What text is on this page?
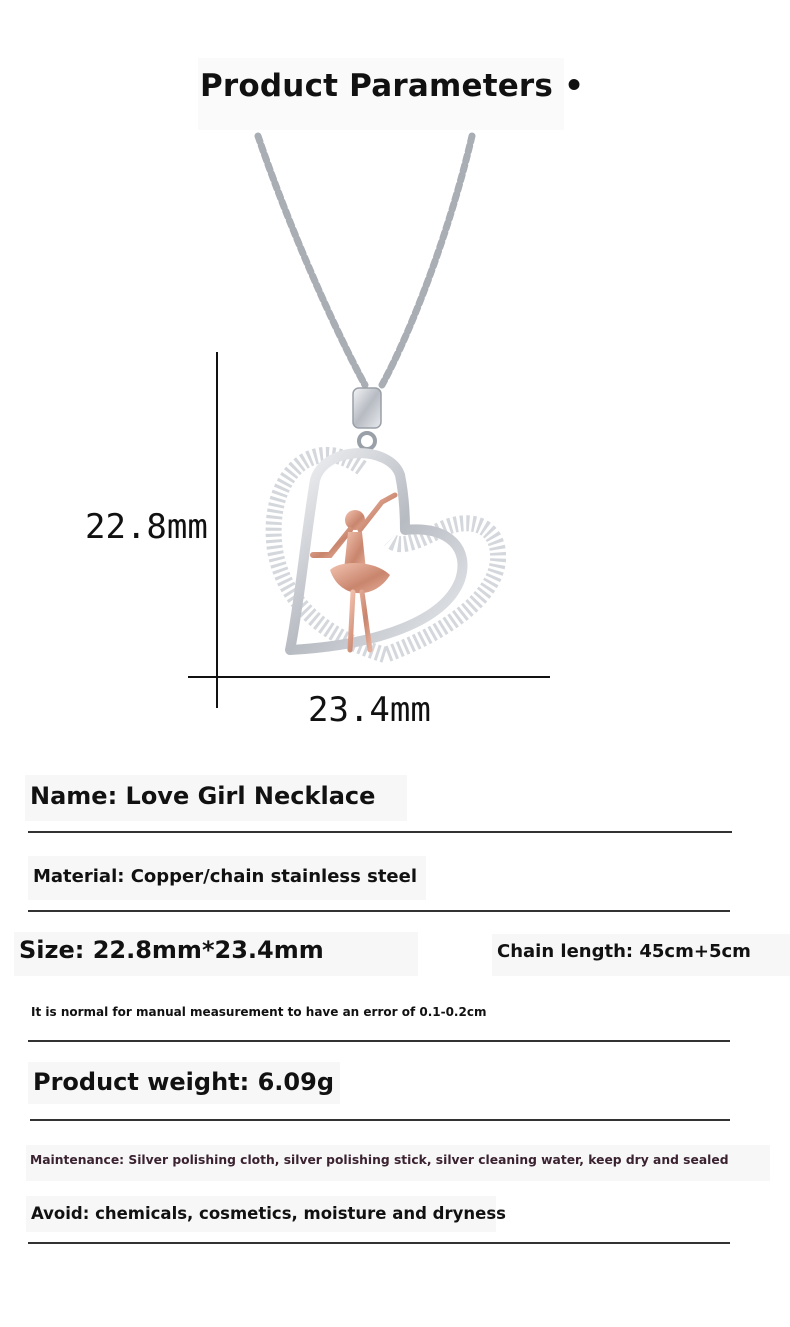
Product Parameters •
22.8mm
23.4mm
Name: Love Girl Necklace
Material: Copper/chain stainless steel
Size: 22.8mm*23.4mm	Chain length: 45cm+5cm
It is normal for manual measurement to have an error of 0.1-0.2cm
Product weight: 6.09g
Maintenance: Silver polishing cloth, silver polishing stick, silver cleaning water, keep dry and sealed
Avoid: chemicals, cosmetics, moisture and dryness
